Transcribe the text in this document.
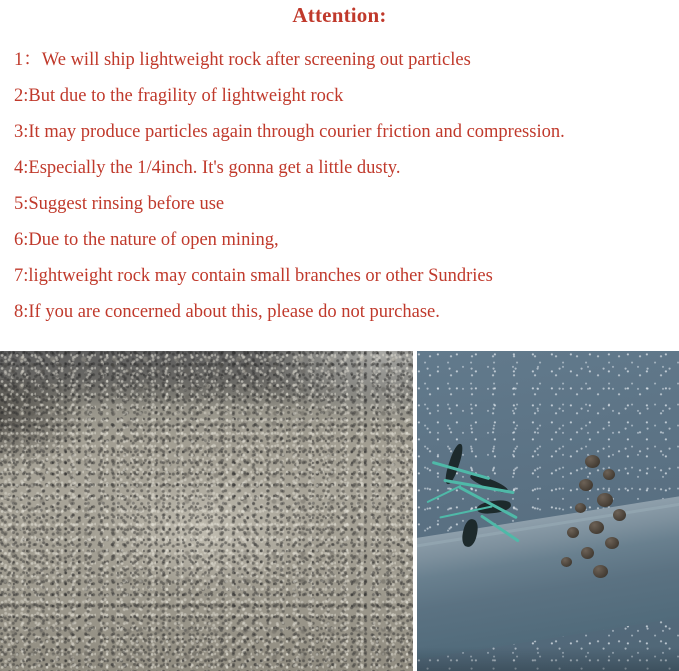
Attention:
1：We will ship lightweight rock after screening out particles
2:But due to the fragility of lightweight rock
3:It may produce particles again through courier friction and compression.
4:Especially the 1/4inch. It's gonna get a little dusty.
5:Suggest rinsing before use
6:Due to the nature of open mining,
7:lightweight rock may contain small branches or other Sundries
8:If you are concerned about this, please do not purchase.
